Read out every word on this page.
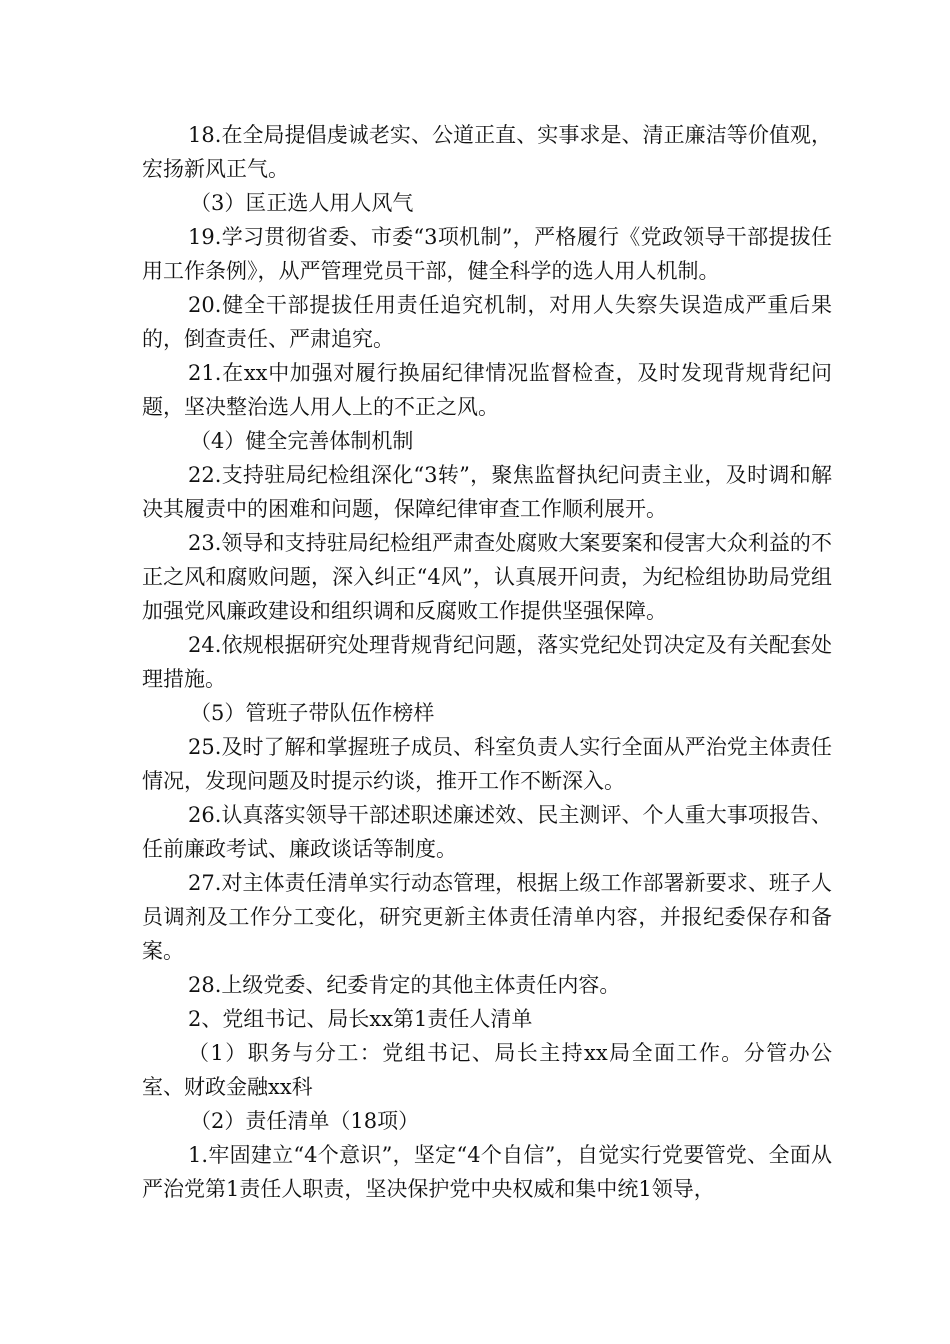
18.在全局提倡虔诚老实、公道正直、实事求是、清正廉洁等价值观，宏扬新风正气。

（3）匡正选人用人风气

19.学习贯彻省委、市委“3项机制”，严格履行《党政领导干部提拔任用工作条例》，从严管理党员干部，健全科学的选人用人机制。

20.健全干部提拔任用责任追究机制，对用人失察失误造成严重后果的，倒查责任、严肃追究。

21.在xx中加强对履行换届纪律情况监督检查，及时发现背规背纪问题，坚决整治选人用人上的不正之风。

（4）健全完善体制机制

22.支持驻局纪检组深化“3转”，聚焦监督执纪问责主业，及时调和解决其履责中的困难和问题，保障纪律审查工作顺利展开。

23.领导和支持驻局纪检组严肃查处腐败大案要案和侵害大众利益的不正之风和腐败问题，深入纠正“4风”，认真展开问责，为纪检组协助局党组加强党风廉政建设和组织调和反腐败工作提供坚强保障。

24.依规根据研究处理背规背纪问题，落实党纪处罚决定及有关配套处理措施。

（5）管班子带队伍作榜样

25.及时了解和掌握班子成员、科室负责人实行全面从严治党主体责任情况，发现问题及时提示约谈，推开工作不断深入。

26.认真落实领导干部述职述廉述效、民主测评、个人重大事项报告、任前廉政考试、廉政谈话等制度。

27.对主体责任清单实行动态管理，根据上级工作部署新要求、班子人员调剂及工作分工变化，研究更新主体责任清单内容，并报纪委保存和备案。

28.上级党委、纪委肯定的其他主体责任内容。

2、党组书记、局长xx第1责任人清单

（1）职务与分工：党组书记、局长主持xx局全面工作。分管办公室、财政金融xx科

（2）责任清单（18项）

1.牢固建立“4个意识”，坚定“4个自信”，自觉实行党要管党、全面从严治党第1责任人职责，坚决保护党中央权威和集中统1领导，
